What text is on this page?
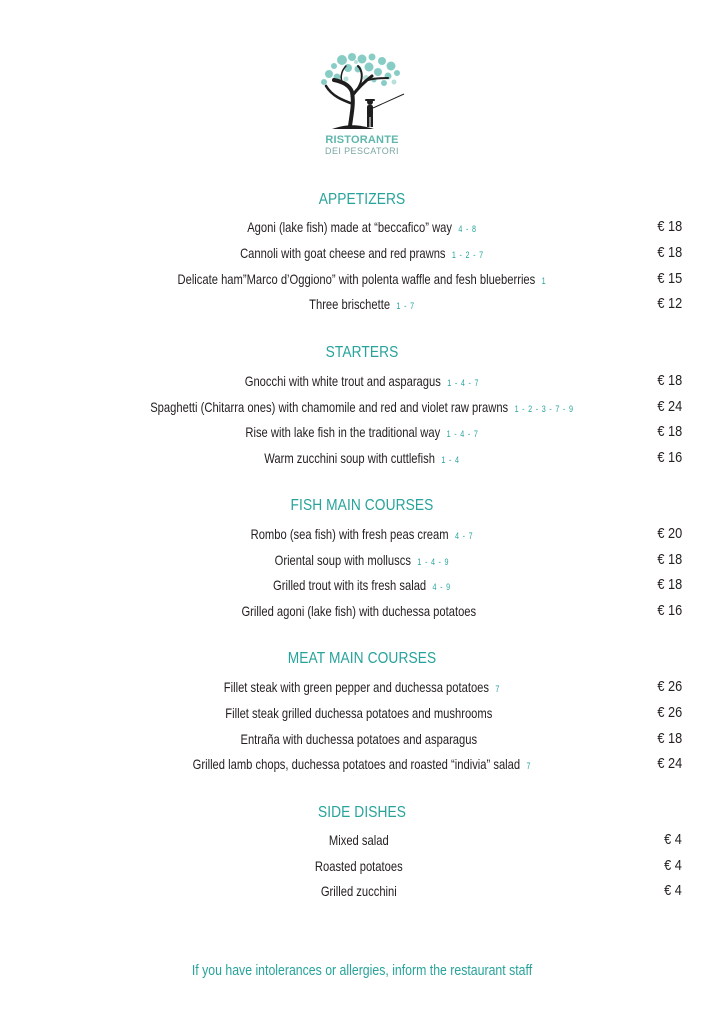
RISTORANTE
DEI PESCATORI
APPETIZERS
Agoni (lake fish) made at “beccafico” way 4 - 8	€ 18
Cannoli with goat cheese and red prawns 1 - 2 - 7	€ 18
Delicate ham”Marco d’Oggiono” with polenta waffle and fesh blueberries 1	€ 15
Three brischette 1 - 7	€ 12
STARTERS
Gnocchi with white trout and asparagus 1 - 4 - 7	€ 18
Spaghetti (Chitarra ones) with chamomile and red and violet raw prawns 1 - 2 - 3 - 7 - 9	€ 24
Rise with lake fish in the traditional way 1 - 4 - 7	€ 18
Warm zucchini soup with cuttlefish 1 - 4	€ 16
FISH MAIN COURSES
Rombo (sea fish) with fresh peas cream 4 - 7	€ 20
Oriental soup with molluscs 1 - 4 - 9	€ 18
Grilled trout with its fresh salad 4 - 9	€ 18
Grilled agoni (lake fish) with duchessa potatoes	€ 16
MEAT MAIN COURSES
Fillet steak with green pepper and duchessa potatoes 7	€ 26
Fillet steak grilled duchessa potatoes and mushrooms	€ 26
Entraña with duchessa potatoes and asparagus	€ 18
Grilled lamb chops, duchessa potatoes and roasted “indivia” salad 7	€ 24
SIDE DISHES
Mixed salad	€ 4
Roasted potatoes	€ 4
Grilled zucchini	€ 4
If you have intolerances or allergies, inform the restaurant staff
